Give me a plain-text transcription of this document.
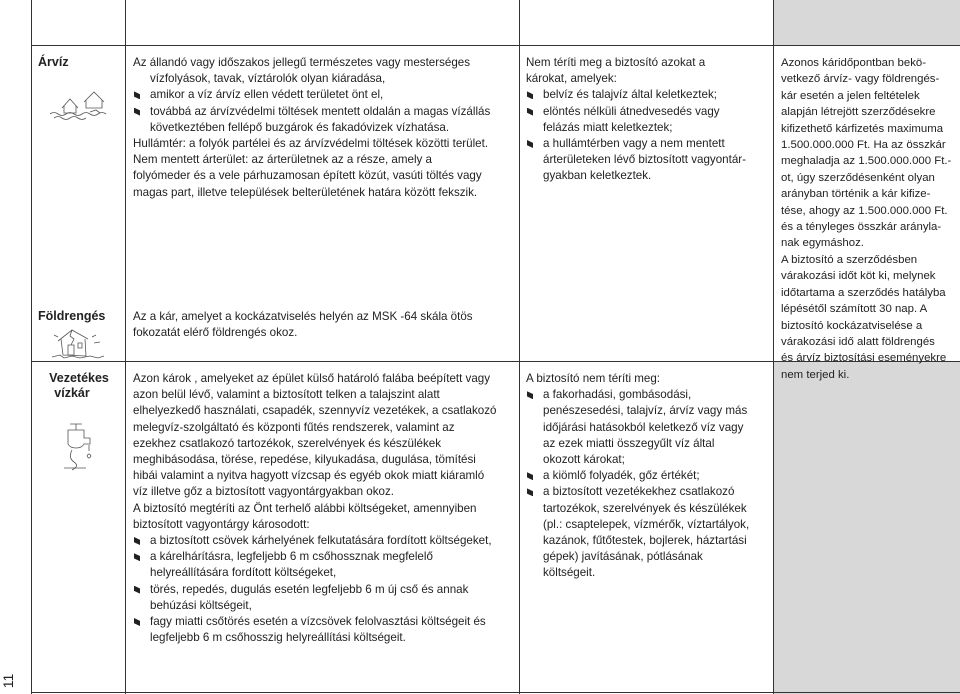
11
Árvíz
Földrengés

Az állandó vagy időszakos jellegű természetes vagy mesterséges

vízfolyások, tavak, víztárolók olyan kiáradása,

amikor a víz árvíz ellen védett területet önt el,

továbbá az árvízvédelmi töltések mentett oldalán a magas vízállás

következtében fellépő buzgárok és fakadóvizek vízhatása.

Hullámtér: a folyók partélei és az árvízvédelmi töltések közötti terület.

Nem mentett árterület: az árterületnek az a része, amely a

folyómeder és a vele párhuzamosan épített közút, vasúti töltés vagy

magas part, illetve települések belterületének határa között fekszik.

Az a kár, amelyet a kockázatviselés helyén az MSK -64 skála ötös

fokozatát elérő földrengés okoz.

Nem téríti meg a biztosító azokat a

károkat, amelyek:

belvíz és talajvíz által keletkeztek;

elöntés nélküli átnedvesedés vagy

felázás miatt keletkeztek;

a hullámtérben vagy a nem mentett

árterületeken lévő biztosított vagyontár-

gyakban keletkeztek.

Azonos káridőpontban bekö-

vetkező árvíz- vagy földrengés-

kár esetén a jelen feltételek

alapján létrejött szerződésekre

kifizethető kárfizetés maximuma

1.500.000.000 Ft. Ha az összkár

meghaladja az 1.500.000.000 Ft.-

ot, úgy szerződésenként olyan

arányban történik a kár kifize-

tése, ahogy az 1.500.000.000 Ft.

és a tényleges összkár aránylа-

nak egymáshoz.

A biztosító a szerződésben

várakozási időt köt ki, melynek

időtartama a szerződés hatályba

lépésétől számított 30 nap. A

biztosító kockázatviselése a

várakozási idő alatt földrengés

és árvíz biztosítási eseményekre

nem terjed ki.

Vezetékes
vízkár

Azon károk , amelyeket az épület külső határoló falába beépített vagy

azon belül lévő, valamint a biztosított telken a talajszint alatt

elhelyezkedő használati, csapadék, szennyvíz vezetékek, a csatlakozó

melegvíz-szolgáltató és központi fűtés rendszerek, valamint az

ezekhez csatlakozó tartozékok, szerelvények és készülékek

meghibásodása, törése, repedése, kilyukadása, dugulása, tömítési

hibái valamint a nyitva hagyott vízcsap és egyéb okok miatt kiáramló

víz illetve gőz a biztosított vagyontárgyakban okoz.

A biztosító megtéríti az Önt terhelő alábbi költségeket, amennyiben

biztosított vagyontárgy károsodott:

a biztosított csövek kárhelyének felkutatására fordított költségeket,

a kárelhárításra, legfeljebb 6 m csőhossznak megfelelő

helyreállítására fordított költségeket,

törés, repedés, dugulás esetén legfeljebb 6 m új cső és annak

behúzási költségeit,

fagy miatti csőtörés esetén a vízcsövek felolvasztási költségeit és

legfeljebb 6 m csőhosszig helyreállítási költségeit.

A biztosító nem téríti meg:

a fakorhadási, gombásodási,

penészesedési, talajvíz, árvíz vagy más

időjárási hatásokból keletkező víz vagy

az ezek miatti összegyűlt víz által

okozott károkat;

a kiömlő folyadék, gőz értékét;

a biztosított vezetékekhez csatlakozó

tartozékok, szerelvények és készülékek

(pl.: csaptelepek, vízmérők, víztartályok,

kazánok, fűtőtestek, bojlerek, háztartási

gépek) javításának, pótlásának

költségeit.
